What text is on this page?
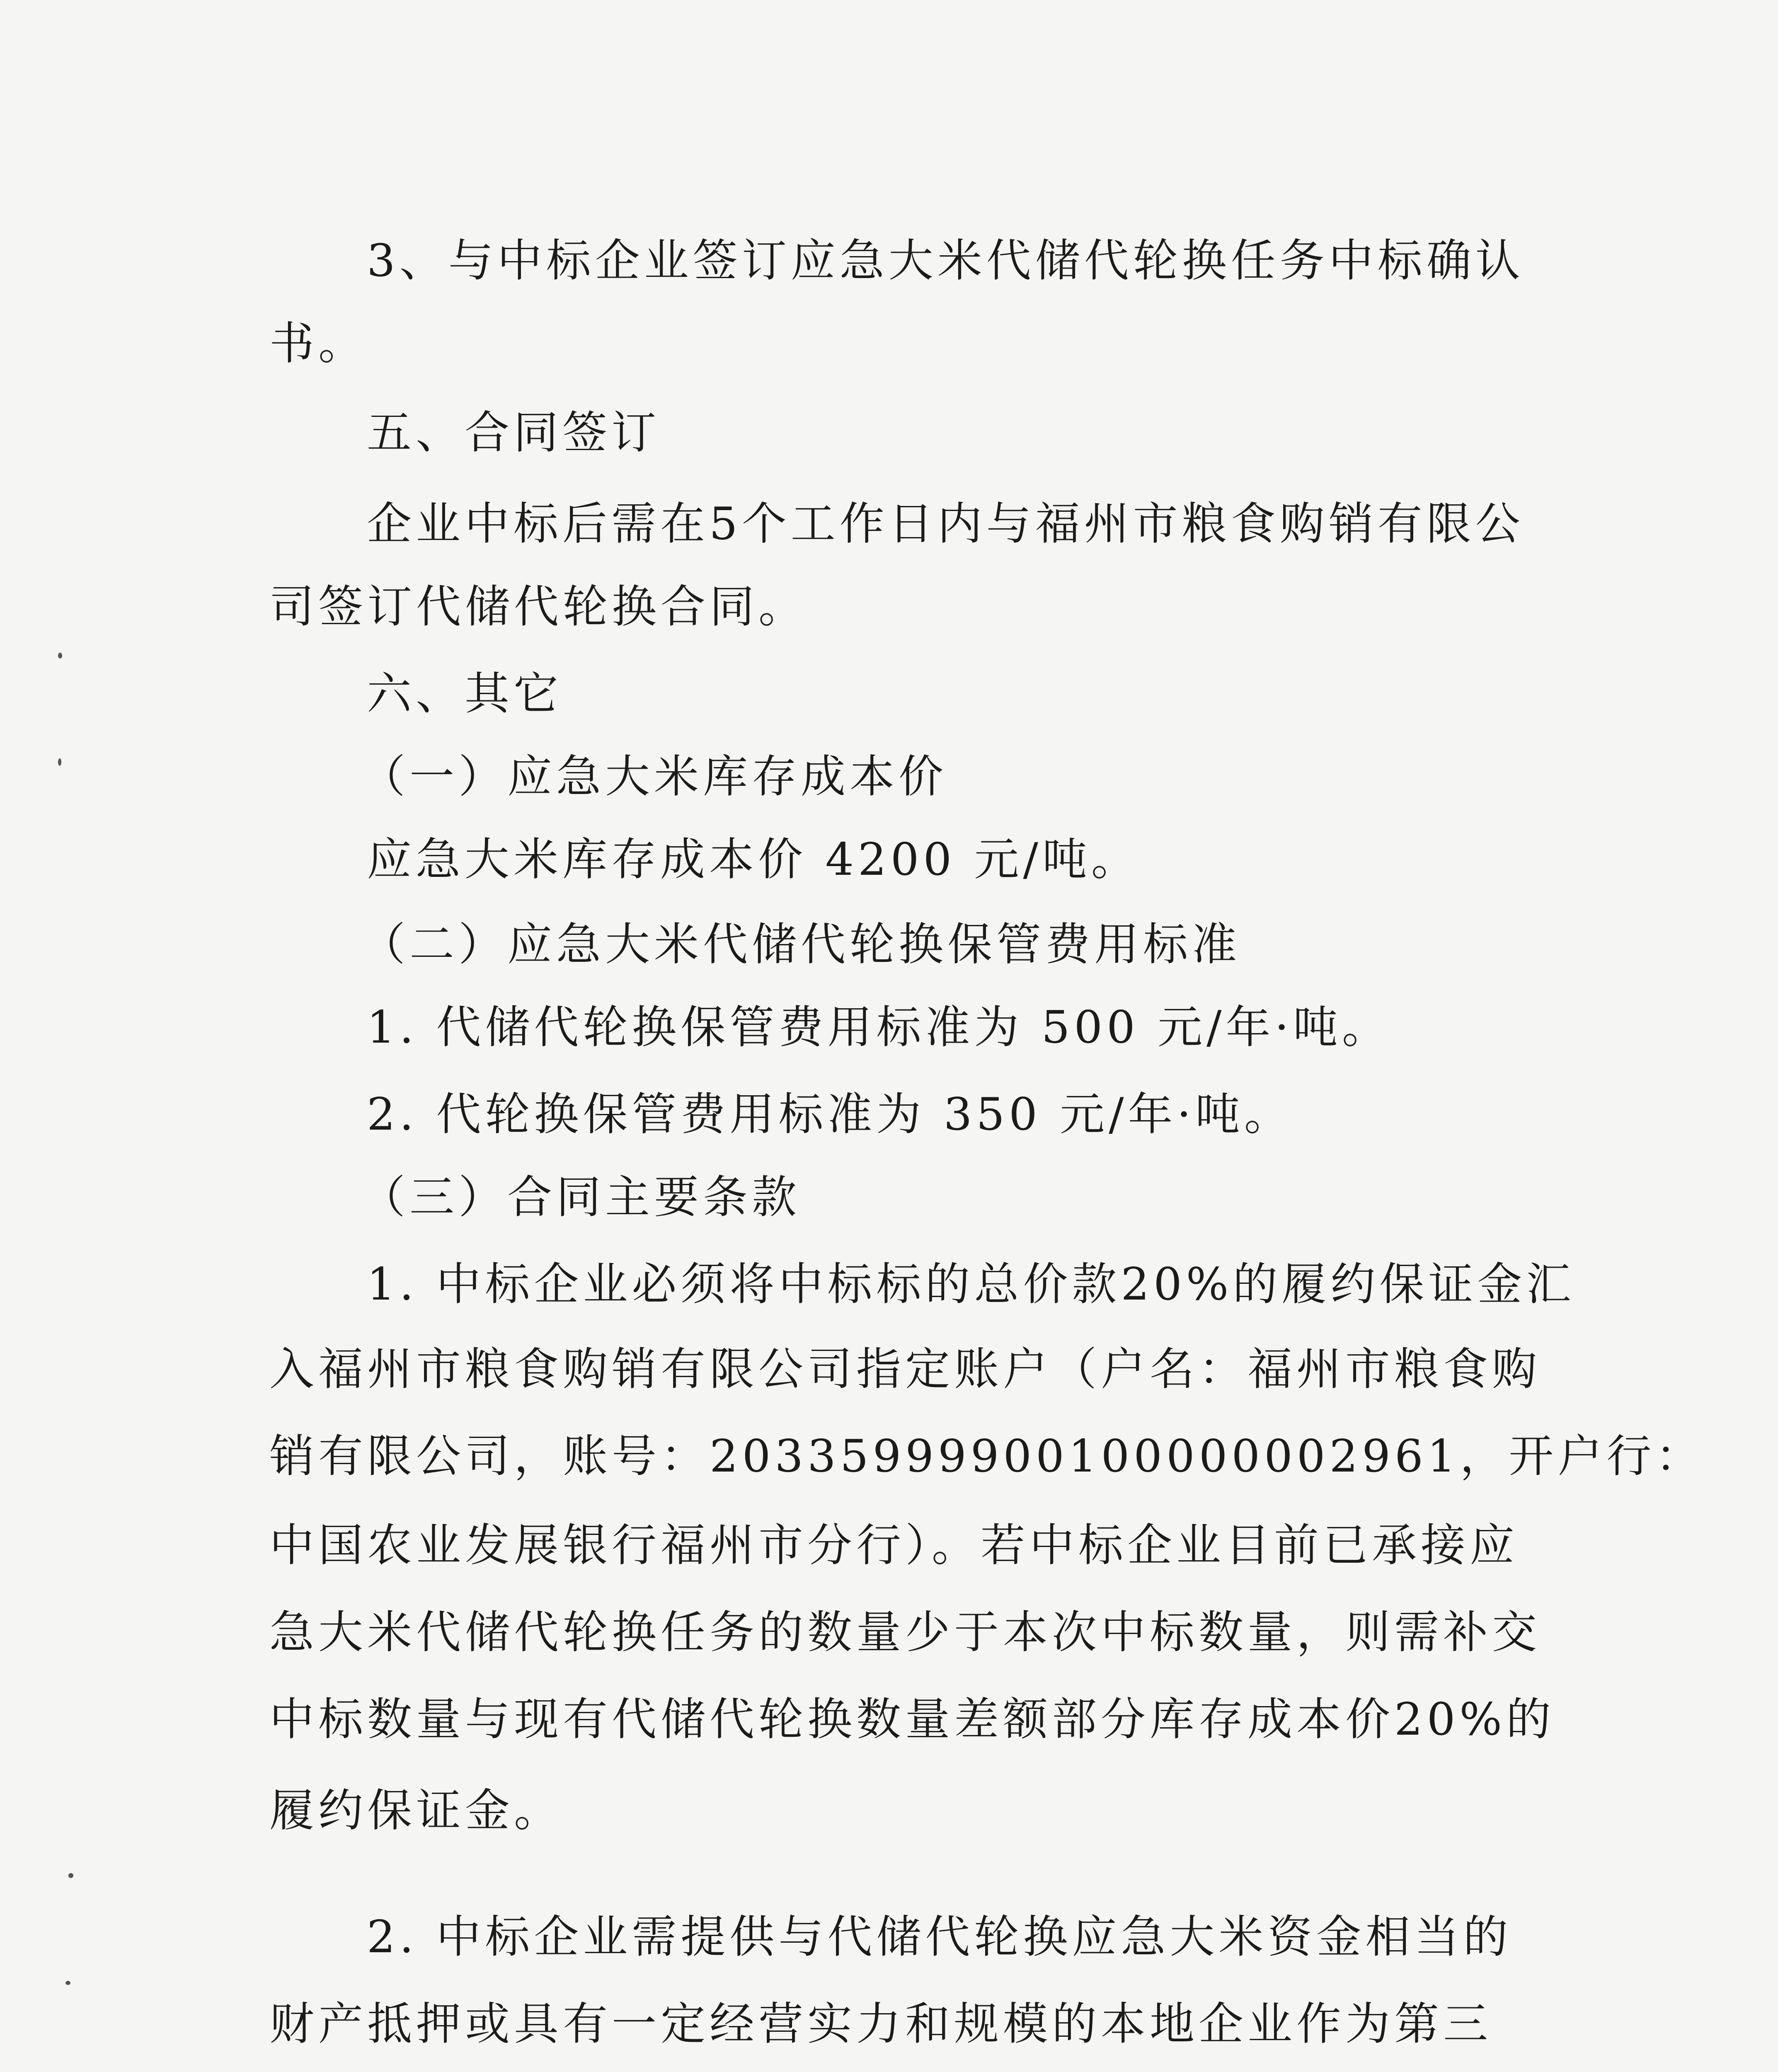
3、与中标企业签订应急大米代储代轮换任务中标确认
书。
五、合同签订
企业中标后需在5个工作日内与福州市粮食购销有限公
司签订代储代轮换合同。
六、其它
（一）应急大米库存成本价
应急大米库存成本价 4200 元/吨。
（二）应急大米代储代轮换保管费用标准
1. 代储代轮换保管费用标准为 500 元/年·吨。
2. 代轮换保管费用标准为 350 元/年·吨。
（三）合同主要条款
1. 中标企业必须将中标标的总价款20%的履约保证金汇
入福州市粮食购销有限公司指定账户（户名：福州市粮食购
销有限公司，账号：20335999900100000002961，开户行：
中国农业发展银行福州市分行）。若中标企业目前已承接应
急大米代储代轮换任务的数量少于本次中标数量，则需补交
中标数量与现有代储代轮换数量差额部分库存成本价20%的
履约保证金。
2. 中标企业需提供与代储代轮换应急大米资金相当的
财产抵押或具有一定经营实力和规模的本地企业作为第三
